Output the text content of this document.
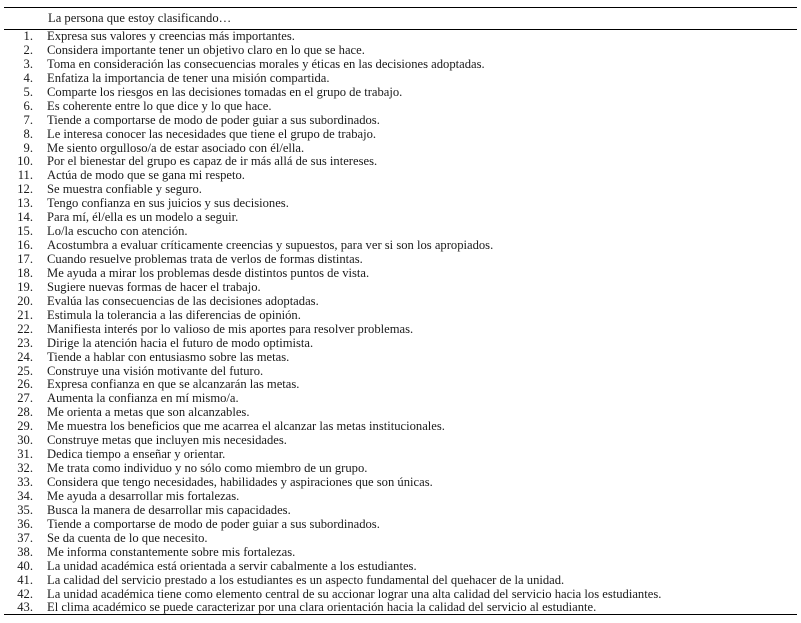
La persona que estoy clasificando…
1. Expresa sus valores y creencias más importantes.
2. Considera importante tener un objetivo claro en lo que se hace.
3. Toma en consideración las consecuencias morales y éticas en las decisiones adoptadas.
4. Enfatiza la importancia de tener una misión compartida.
5. Comparte los riesgos en las decisiones tomadas en el grupo de trabajo.
6. Es coherente entre lo que dice y lo que hace.
7. Tiende a comportarse de modo de poder guiar a sus subordinados.
8. Le interesa conocer las necesidades que tiene el grupo de trabajo.
9. Me siento orgulloso/a de estar asociado con él/ella.
10. Por el bienestar del grupo es capaz de ir más allá de sus intereses.
11. Actúa de modo que se gana mi respeto.
12. Se muestra confiable y seguro.
13. Tengo confianza en sus juicios y sus decisiones.
14. Para mí, él/ella es un modelo a seguir.
15. Lo/la escucho con atención.
16. Acostumbra a evaluar críticamente creencias y supuestos, para ver si son los apropiados.
17. Cuando resuelve problemas trata de verlos de formas distintas.
18. Me ayuda a mirar los problemas desde distintos puntos de vista.
19. Sugiere nuevas formas de hacer el trabajo.
20. Evalúa las consecuencias de las decisiones adoptadas.
21. Estimula la tolerancia a las diferencias de opinión.
22. Manifiesta interés por lo valioso de mis aportes para resolver problemas.
23. Dirige la atención hacia el futuro de modo optimista.
24. Tiende a hablar con entusiasmo sobre las metas.
25. Construye una visión motivante del futuro.
26. Expresa confianza en que se alcanzarán las metas.
27. Aumenta la confianza en mí mismo/a.
28. Me orienta a metas que son alcanzables.
29. Me muestra los beneficios que me acarrea el alcanzar las metas institucionales.
30. Construye metas que incluyen mis necesidades.
31. Dedica tiempo a enseñar y orientar.
32. Me trata como individuo y no sólo como miembro de un grupo.
33. Considera que tengo necesidades, habilidades y aspiraciones que son únicas.
34. Me ayuda a desarrollar mis fortalezas.
35. Busca la manera de desarrollar mis capacidades.
36. Tiende a comportarse de modo de poder guiar a sus subordinados.
37. Se da cuenta de lo que necesito.
38. Me informa constantemente sobre mis fortalezas.
40. La unidad académica está orientada a servir cabalmente a los estudiantes.
41. La calidad del servicio prestado a los estudiantes es un aspecto fundamental del quehacer de la unidad.
42. La unidad académica tiene como elemento central de su accionar lograr una alta calidad del servicio hacia los estudiantes.
43. El clima académico se puede caracterizar por una clara orientación hacia la calidad del servicio al estudiante.
